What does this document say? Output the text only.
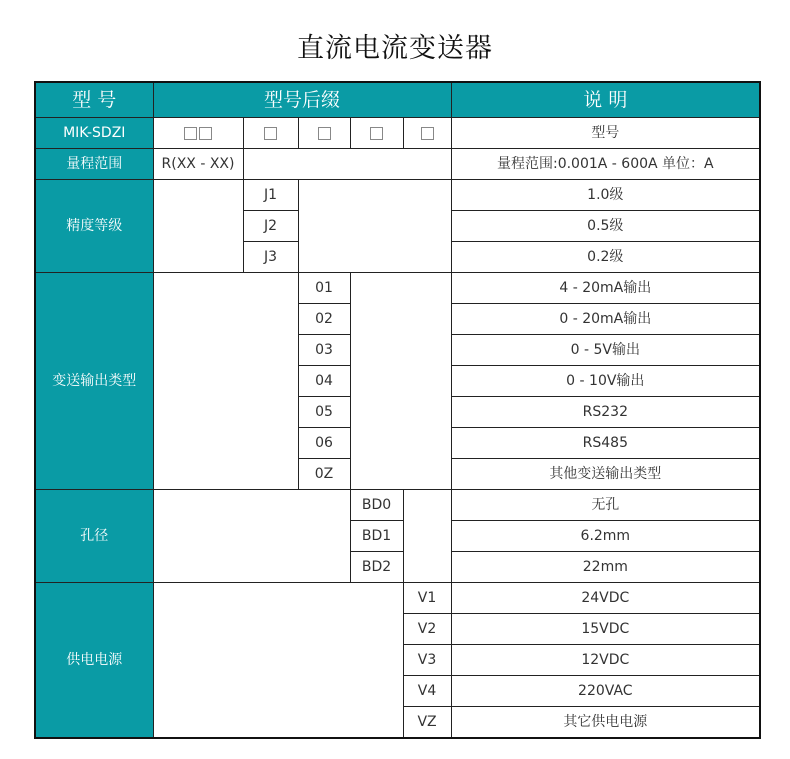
直流电流变送器
型 号	型号后缀					说 明
MIK-SDZI						型号
量程范围	R(XX - XX)					量程范围:0.001A - 600A 单位：A
精度等级		J1				1.0级
		J2				0.5级
		J3				0.2级
变送输出类型			01			4 - 20mA输出
			02			0 - 20mA输出
			03			0 - 5V输出
			04			0 - 10V输出
			05			RS232
			06			RS485
			0Z			其他变送输出类型
孔径				BD0		无孔
				BD1		6.2mm
				BD2		22mm
供电电源					V1	24VDC
					V2	15VDC
					V3	12VDC
					V4	220VAC
					VZ	其它供电电源
